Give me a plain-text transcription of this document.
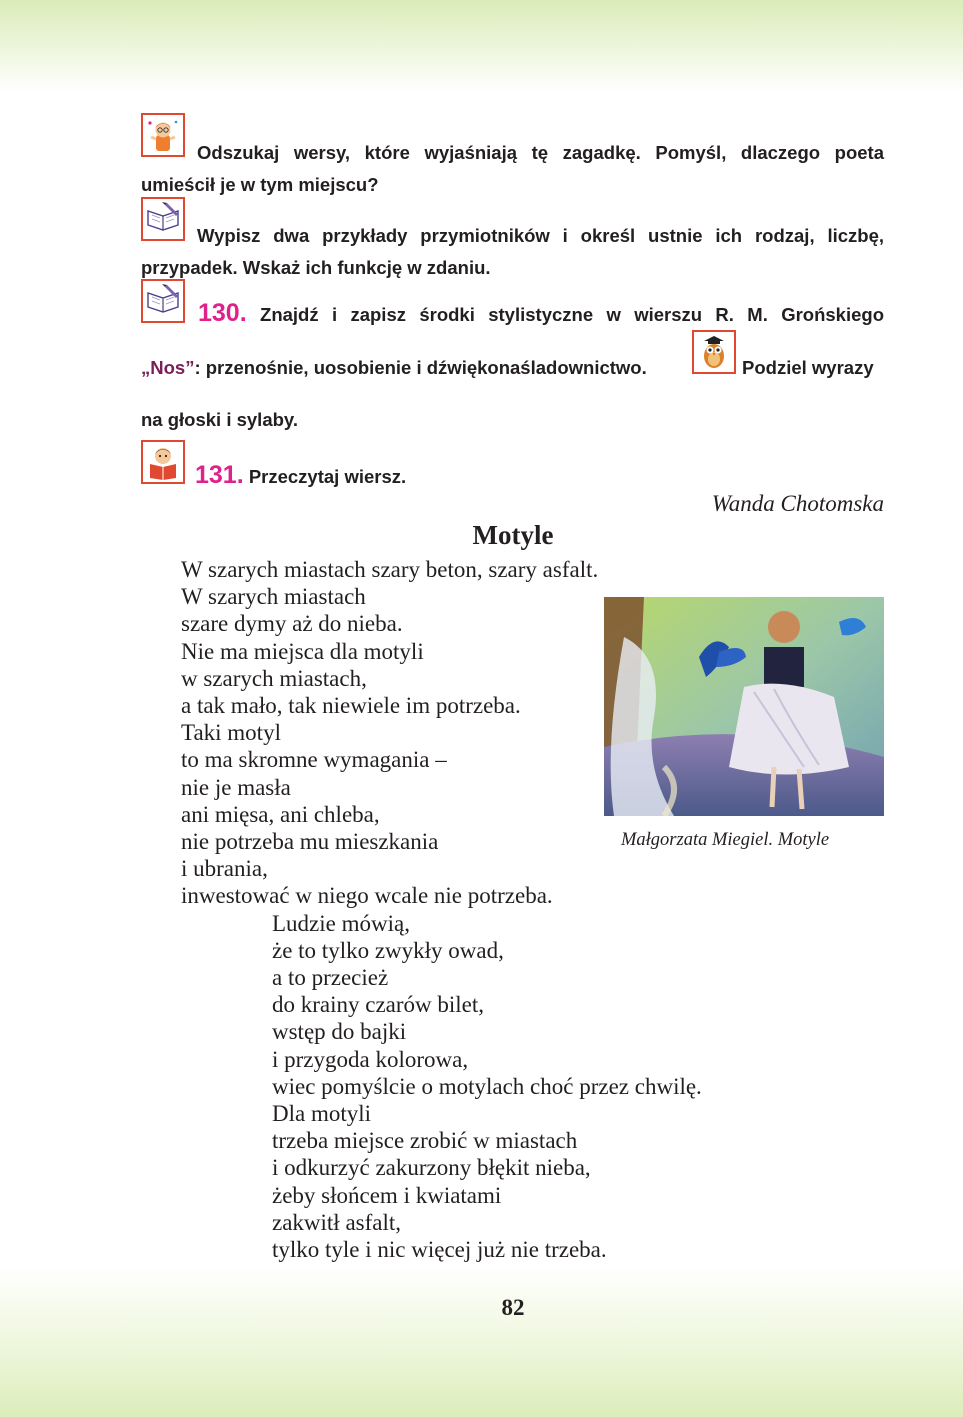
Odszukaj wersy, które wyjaśniają tę zagadkę. Pomyśl, dlaczego poeta umieścił je w tym miejscu?
Wypisz dwa przykłady przymiotników i określ ustnie ich rodzaj, liczbę, przypadek. Wskaż ich funkcję w zdaniu.
130. Znajdź i zapisz środki stylistyczne w wierszu R. M. Grońskiego
„Nos”: przenośnie, uosobienie i dźwiękonaśladownictwo.	Podziel wyrazy
na głoski i sylaby.
131. Przeczytaj wiersz.
Wanda Chotomska
Motyle
W szarych miastach szary beton, szary asfalt.
W szarych miastach
szare dymy aż do nieba.
Nie ma miejsca dla motyli
w szarych miastach,
a tak mało, tak niewiele im potrzeba.
Taki motyl
to ma skromne wymagania –
nie je masła
ani mięsa, ani chleba,
nie potrzeba mu mieszkania
i ubrania,
inwestować w niego wcale nie potrzeba.
Ludzie mówią,
że to tylko zwykły owad,
a to przecież
do krainy czarów bilet,
wstęp do bajki
i przygoda kolorowa,
wiec pomyślcie o motylach choć przez chwilę.
Dla motyli
trzeba miejsce zrobić w miastach
i odkurzyć zakurzony błękit nieba,
żeby słońcem i kwiatami
zakwitł asfalt,
tylko tyle i nic więcej już nie trzeba.
Małgorzata Miegiel. Motyle
82
